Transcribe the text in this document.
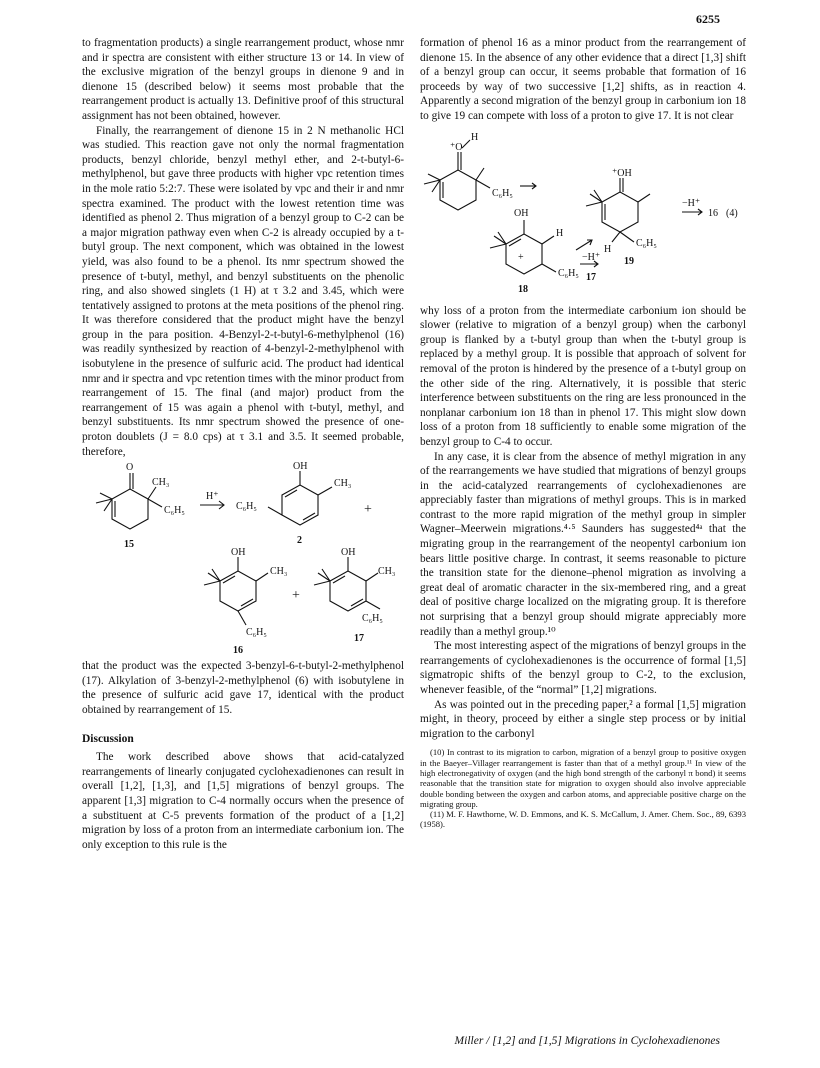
6255

to fragmentation products) a single rearrangement product, whose nmr and ir spectra are consistent with either structure 13 or 14. In view of the exclusive migration of the benzyl groups in dienone 9 and in dienone 15 (described below) it seems most probable that the rearrangement product is actually 13. Definitive proof of this structural assignment has not been obtained, however.

Finally, the rearrangement of dienone 15 in 2 N methanolic HCl was studied. This reaction gave not only the normal fragmentation products, benzyl chloride, benzyl methyl ether, and 2-t-butyl-6-methylphenol, but gave three products with higher vpc retention times in the mole ratio 5:2:7. These were isolated by vpc and their ir and nmr spectra examined. The product with the lowest retention time was identified as phenol 2. Thus migration of a benzyl group to C-2 can be a major migration pathway even when C-2 is already occupied by a t-butyl group. The next component, which was obtained in the lowest yield, was also found to be a phenol. Its nmr spectrum showed the presence of t-butyl, methyl, and benzyl substituents on the phenolic ring, and also showed singlets (1 H) at τ 3.2 and 3.45, which were tentatively assigned to protons at the meta positions of the phenol ring. It was therefore considered that the product might have the benzyl group in the para position. 4-Benzyl-2-t-butyl-6-methylphenol (16) was readily synthesized by reaction of 4-benzyl-2-methylphenol with isobutylene in the presence of sulfuric acid. The product had identical nmr and ir spectra and vpc retention times with the minor product from rearrangement of 15. The final (and major) product from the rearrangement of 15 was again a phenol with t-butyl, methyl, and benzyl substituents. Its nmr spectrum showed the presence of one-proton doublets (J = 8.0 cps) at τ 3.1 and 3.5. It seemed probable, therefore,

O
CH₃
C₆H₅
H⁺
C₆H₅
OH
CH₃
+
15	2
OH
CH₃
C₆H₅
16
+
OH
CH₃
C₆H₅
17

that the product was the expected 3-benzyl-6-t-butyl-2-methylphenol (17). Alkylation of 3-benzyl-2-methylphenol (6) with isobutylene in the presence of sulfuric acid gave 17, identical with the product obtained by rearrangement of 15.

Discussion

The work described above shows that acid-catalyzed rearrangements of linearly conjugated cyclohexadienones can result in overall [1,2], [1,3], and [1,5] migrations of benzyl groups. The apparent [1,3] migration to C-4 normally occurs when the presence of a substituent at C-5 prevents formation of the product of a [1,2] migration by loss of a proton from an intermediate carbonium ion. The only exception to this rule is the

formation of phenol 16 as a minor product from the rearrangement of dienone 15. In the absence of any other evidence that a direct [1,3] shift of a benzyl group can occur, it seems probable that formation of 16 proceeds by way of two successive [1,2] shifts, as in reaction 4. Apparently a second migration of the benzyl group in carbonium ion 18 to give 19 can compete with loss of a proton to give 17. It is not clear

⁺O
H
C₆H₅
⁺OH
−H⁺
16 (4)
OH
H
C₆H₅
19
H
C₆H₅
−H⁺
17
18
+

why loss of a proton from the intermediate carbonium ion should be slower (relative to migration of a benzyl group) when the carbonyl group is flanked by a t-butyl group than when the t-butyl group is replaced by a methyl group. It is possible that approach of solvent for removal of the proton is hindered by the presence of a t-butyl group on the other side of the ring. Alternatively, it is possible that steric interference between substituents on the ring are less pronounced in the nonplanar carbonium ion 18 than in phenol 17. This might slow down loss of a proton from 18 sufficiently to enable some migration of the benzyl group to C-4 to occur.

In any case, it is clear from the absence of methyl migration in any of the rearrangements we have studied that migrations of benzyl groups in the acid-catalyzed rearrangements of cyclohexadienones are appreciably faster than migrations of methyl groups. This is in marked contrast to the more rapid migration of the methyl group in simpler Wagner–Meerwein migrations.⁴·⁵ Saunders has suggested⁴ᵃ that the migrating group in the rearrangement of the neopentyl carbonium ion bears little positive charge. In contrast, it seems reasonable to picture the transition state for the dienone–phenol migration as involving a great deal of aromatic character in the six-membered ring, and a great deal of positive charge localized on the migrating group. It is therefore not surprising that a benzyl group should migrate appreciably more readily than a methyl group.¹⁰

The most interesting aspect of the migrations of benzyl groups in the rearrangements of cyclohexadienones is the occurrence of formal [1,5] sigmatropic shifts of the benzyl group to C-2, to the exclusion, whenever feasible, of the “normal” [1,2] migrations.

As was pointed out in the preceding paper,² a formal [1,5] migration might, in theory, proceed by either a single step process or by initial migration to the carbonyl

(10) In contrast to its migration to carbon, migration of a benzyl group to positive oxygen in the Baeyer–Villager rearrangement is faster than that of a methyl group.¹¹ In view of the high electronegativity of oxygen (and the high bond strength of the carbonyl π bond) it seems reasonable that the transition state for migration to oxygen should also involve appreciable double bonding between the oxygen and carbon atoms, and appreciable positive charge on the migrating group.

(11) M. F. Hawthorne, W. D. Emmons, and K. S. McCallum, J. Amer. Chem. Soc., 89, 6393 (1958).

Miller / [1,2] and [1,5] Migrations in Cyclohexadienones
